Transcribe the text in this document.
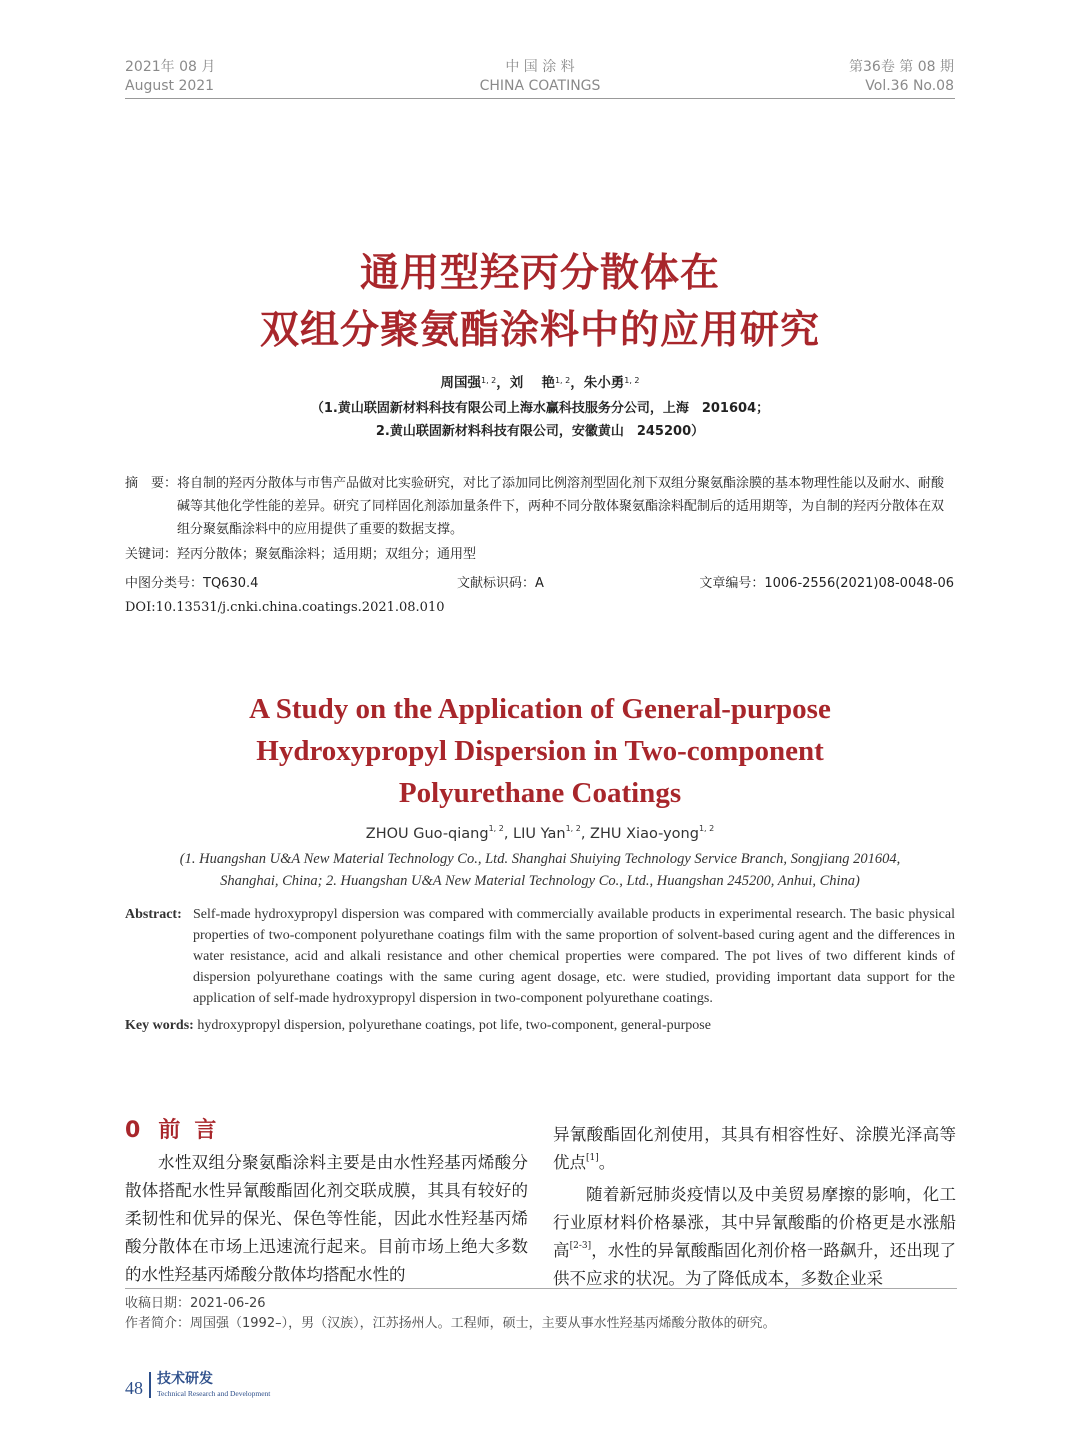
2021年 08 月
August 2021
中 国 涂 料
CHINA COATINGS
第36卷 第 08 期
Vol.36 No.08
通用型羟丙分散体在
双组分聚氨酯涂料中的应用研究
周国强$^{1, 2}$，刘　 艳$^{1, 2}$，朱小勇$^{1, 2}$
（1.黄山联固新材料科技有限公司上海水赢科技服务分公司，上海　201604；
2.黄山联固新材料科技有限公司，安徽黄山　245200）
摘　要： 将自制的羟丙分散体与市售产品做对比实验研究，对比了添加同比例溶剂型固化剂下双组分聚氨酯涂膜的基本物理性能以及耐水、耐酸碱等其他化学性能的差异。研究了同样固化剂添加量条件下，两种不同分散体聚氨酯涂料配制后的适用期等，为自制的羟丙分散体在双组分聚氨酯涂料中的应用提供了重要的数据支撑。
关键词：羟丙分散体；聚氨酯涂料；适用期；双组分；通用型
中图分类号：TQ630.4	文献标识码：A	文章编号：1006-2556(2021)08-0048-06
DOI:10.13531/j.cnki.china.coatings.2021.08.010
A Study on the Application of General-purpose
Hydroxypropyl Dispersion in Two-component
Polyurethane Coatings
ZHOU Guo-qiang$^{1, 2}$, LIU Yan$^{1, 2}$, ZHU Xiao-yong$^{1, 2}$
(1. Huangshan U&A New Material Technology Co., Ltd. Shanghai Shuiying Technology Service Branch, Songjiang 201604,
Shanghai, China; 2. Huangshan U&A New Material Technology Co., Ltd., Huangshan 245200, Anhui, China)
Abstract: Self-made hydroxypropyl dispersion was compared with commercially available products in experimental research. The basic physical properties of two-component polyurethane coatings film with the same proportion of solvent-based curing agent and the differences in water resistance, acid and alkali resistance and other chemical properties were compared. The pot lives of two different kinds of dispersion polyurethane coatings with the same curing agent dosage, etc. were studied, providing important data support for the application of self-made hydroxypropyl dispersion in two-component polyurethane coatings.
Key words: hydroxypropyl dispersion, polyurethane coatings, pot life, two-component, general-purpose
0 前言

水性双组分聚氨酯涂料主要是由水性羟基丙烯酸分散体搭配水性异氰酸酯固化剂交联成膜，其具有较好的柔韧性和优异的保光、保色等性能，因此水性羟基丙烯酸分散体在市场上迅速流行起来。目前市场上绝大多数的水性羟基丙烯酸分散体均搭配水性的

异氰酸酯固化剂使用，其具有相容性好、涂膜光泽高等优点[1]。

随着新冠肺炎疫情以及中美贸易摩擦的影响，化工行业原材料价格暴涨，其中异氰酸酯的价格更是水涨船高[2-3]，水性的异氰酸酯固化剂价格一路飙升，还出现了供不应求的状况。为了降低成本，多数企业采

收稿日期：2021-06-26
作者简介：周国强（1992–），男（汉族），江苏扬州人。工程师，硕士，主要从事水性羟基丙烯酸分散体的研究。
48 技术研发
Technical Research and Development
